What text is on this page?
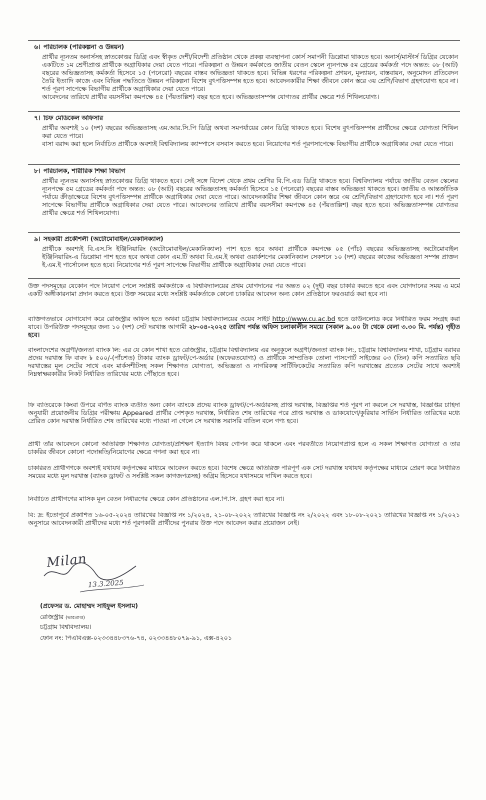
৬। পরিচালক (পরিকল্পনা ও উন্নয়ন)

প্রার্থীর ন্যূনতম অনার্সসহ স্নাতকোত্তর ডিগ্রি এবং স্বীকৃত দেশী/বিদেশী প্রতিষ্ঠান থেকে প্রকল্প ব্যবস্থাপনা কোর্স সমাপনী ডিপ্লোমা থাকতে হবে। অনার্স/মাস্টার্স ডিগ্রির যেকোন একটিতে ১ম শ্রেণীপ্রাপ্ত প্রার্থীকে অগ্রাধিকার দেয়া যেতে পারে। পরিকল্পনা ও উন্নয়ন কর্মকাণ্ডে জাতীয় বেতন স্কেলে ন্যূনপক্ষে ৫ম গ্রেডের কর্মকর্তা পদে অন্তত: ০৮ (আট) বছরের অভিজ্ঞতাসহ কর্মকর্তা হিসেবে ১৫ (পনেরো) বছরের বাস্তব অভিজ্ঞতা থাকতে হবে। বিভিন্ন ধরণের পরিকল্পনা প্রণয়ন, মূল্যায়ন, বাস্তবায়ন, অনুমোদন প্রতিবেদন তৈরি ইত্যাদি কাজে এবং বিভিন্ন পদ্ধতিতে উন্নয়ন পরিকল্পনা বিশেষ বুৎপত্তিসম্পন্ন হতে হবে। আবেদনকারীর শিক্ষা জীবনে কোন স্তরে ৩য় শ্রেণি/বিভাগ গ্রহণযোগ্য হবে না। শর্ত পূরণ সাপেক্ষে বিভাগীয় প্রার্থীকে অগ্রাধিকার দেয়া যেতে পারে।

আবেদনের তারিখে প্রার্থীর বয়সসীমা কমপক্ষে ৪৫ (পঁয়তাল্লিশ) বছর হতে হবে। অভিজ্ঞতাসম্পন্ন যোগ্যতর প্রার্থীর ক্ষেত্রে শর্ত শিথিলযোগ্য।

৭। চিফ মেডিকেল অফিসার

প্রার্থীর অবশ্যই ১০ (দশ) বছরের অভিজ্ঞতাসহ এম.আর.সি.পি ডিগ্রি অথবা সমপর্যায়ের কোন ডিগ্রি থাকতে হবে। বিশেষ বুৎপত্তিসম্পন্ন প্রার্থীদের ক্ষেত্রে যোগ্যতা শিথিল করা যেতে পারে।

বাসা বরাদ্দ করা হলে নির্বাচিত প্রার্থীকে অবশ্যই বিশ্ববিদ্যালয় ক্যাম্পাসে বসবাস করতে হবে। নিয়োগের শর্ত পূরণসাপেক্ষে বিভাগীয় প্রার্থীকে অগ্রাধিকার দেয়া যেতে পারে।

৮। পরিচালক, শারীরিক শিক্ষা বিভাগ

প্রার্থীর ন্যূনতম অনার্সসহ স্নাতকোত্তর ডিগ্রি থাকতে হবে। সেই সঙ্গে বিদেশ থেকে প্রথম শ্রেণির বি.পি.এড ডিগ্রি থাকতে হবে। বিশ্ববিদ্যালয় পর্যায়ে জাতীয় বেতন স্কেলের ন্যূনপক্ষে ৫ম গ্রেডের কর্মকর্তা পদে অন্তত: ০৮ (আট) বছরের অভিজ্ঞতাসহ কর্মকর্তা হিসেবে ১৫ (পনেরো) বছরের বাস্তব অভিজ্ঞতা থাকতে হবে। জাতীয় ও আন্তর্জাতিক পর্যায়ে ক্রীড়াক্ষেত্রে বিশেষ বুৎপত্তিসম্পন্ন প্রার্থীকে অগ্রাধিকার দেয়া যেতে পারে। আবেদনকারীর শিক্ষা জীবনে কোন স্তরে ৩য় শ্রেণি/বিভাগ গ্রহণযোগ্য হবে না। শর্ত পূরণ সাপেক্ষে বিভাগীয় প্রার্থীকে অগ্রাধিকার দেয়া যেতে পারে। আবেদনের তারিখে প্রার্থীর বয়সসীমা কমপক্ষে ৪৫ (পঁয়তাল্লিশ) বছর হতে হবে। অভিজ্ঞতাসম্পন্ন যোগ্যতর প্রার্থীর ক্ষেত্রে শর্ত শিথিলযোগ্য।

৯। সহকারী প্রকৌশলী (অটোমোবাইল/মেকানিক্যাল)

প্রার্থীকে অবশ্যই বি.এস.সি ইঞ্জিনিয়ারিং (অটোমোবাইল/মেকানিক্যাল) পাশ হতে হবে অথবা প্রার্থীকে কমপক্ষে ০৫ (পাঁচ) বছরের অভিজ্ঞতাসহ অটোমোবাইল ইঞ্জিনিয়ারিং-এ ডিপ্লোমা পাশ হতে হবে অথবা কোন এম.টি অথবা বি.এম.ই অথবা ওয়ার্কশপের মেকানিক্যাল সেকশনে ১০ (দশ) বছরের কাজের অভিজ্ঞতা সম্পন্ন প্রাক্তন ই.এম.ই পার্সোনেল হতে হবে। নিয়োগের শর্ত পূরণ সাপেক্ষে বিভাগীয় প্রার্থীকে অগ্রাধিকার দেয়া যেতে পারে।

উক্ত পদসমূহের যেকোন পদে নিয়োগ পেলে সংশ্লিষ্ট কর্মকর্তাকে এ বিশ্ববিদ্যালয়ের প্রথম যোগদানের পর অন্তত ০২ (দুই) বছর চাকরি করতে হবে এবং যোগদানের সময় এ মর্মে একটি অঙ্গীকারনামা প্রদান করতে হবে। উক্ত সময়ের মধ্যে সংশ্লিষ্ট কর্মকর্তাকে কোনো চাকরির আবেদন অন্য কোন প্রতিষ্ঠানে ফরওয়ার্ড করা হবে না।

ব্যক্তিগতভাবে যোগাযোগ করে রেজিস্ট্রার অফিস হতে অথবা চট্টগ্রাম বিশ্ববিদ্যালয়ের ওয়েব সাইট http://www.cu.ac.bd হতে ডাউনলোড করে নির্ধারিত ফরম সংগ্রহ করা যাবে। উপরিউক্ত পদসমূহের জন্য ১০ (দশ) সেট দরখাস্ত আগামী ২৮-০৪-২০২৫ তারিখ পর্যন্ত অফিস চলাকালীন সময়ে (সকাল ৯.০০ টা থেকে বেলা ৩.৩০ মি. পর্যন্ত) গৃহীত হবে।

বাংলাদেশের অগ্রণী/জনতা ব্যাংক লি: এর যে কোন শাখা হতে রেজিস্ট্রার, চট্টগ্রাম বিশ্ববিদ্যালয় এর অনুকূলে অগ্রণী/জনতা ব্যাংক লি:, চট্টগ্রাম বিশ্ববিদ্যালয় শাখা, চট্টগ্রাম বরাবর প্রদেয় দরখাস্ত ফি বাবদ ৳ ৫০০/-(পাঁচশত) টাকার ব্যাংক ড্রাফট/পে-অর্ডার (অফেরতযোগ্য) ও প্রার্থীকে সাম্প্রতিক তোলা পাসপোর্ট সাইজের ০৩ (তিন) কপি সত্যায়িত ছবি দরখাস্তের মূল সেটের সাথে এবং মার্কসশীটসহ সকল শিক্ষাগত যোগ্যতা, অভিজ্ঞতা ও নাগরিকত্ব সার্টিফিকেটের সত্যায়িত কপি দরখাস্তের প্রত্যেক সেটের সাথে অবশ্যই নিম্নস্বাক্ষরকারীর নিকট নির্ধারিত তারিখের মধ্যে পৌঁছাতে হবে।

ফি ব্যতিরেকে কিংবা উপরে বর্ণিত ব্যাংক ব্যতীত অন্য কোন ব্যাংকে প্রদেয় ব্যাংক ড্রাফট/পে-অর্ডারসহ প্রাপ্ত দরখাস্ত, বিজ্ঞপ্তির শর্ত পূরণ না করলে সে দরখাস্ত, বিজ্ঞপ্তির চাহিদা অনুযায়ী প্রয়োজনীয় ডিগ্রির পরীক্ষায় Appeared প্রার্থীর পেশকৃত দরখাস্ত, নির্ধারিত শেষ তারিখের পরে প্রাপ্ত দরখাস্ত ও ডাকযোগে/কুরিয়ার সার্ভিস নির্ধারিত তারিখের মধ্যে প্রেরিত কোন দরখাস্ত নির্ধারিত শেষ তারিখের মধ্যে পাওয়া না গেলে সে দরখাস্ত সরাসরি বাতিল বলে গণ্য হবে।

প্রার্থী তাঁর আবেদনে কোনো অতিরিক্ত শিক্ষাগত যোগ্যতা/প্রশিক্ষণ ইত্যাদি বিষয় গোপন করে থাকলে এবং পরবর্তীতে নিয়োগপ্রাপ্ত হলে এ সকল শিক্ষাগত যোগ্যতা ও তার চাকরির জীবনে কোনো পদোন্নতি/নিয়োগের ক্ষেত্রে গণনা করা হবে না।

চাকরিরত প্রার্থীগণকে অবশ্যই যথাযথ কর্তৃপক্ষের মাধ্যমে আবেদন করতে হবে। বিশেষ ক্ষেত্রে অতিরিক্ত পরিপূর্ণ এক সেট দরখাস্ত যথাযথ কর্তৃপক্ষের মাধ্যমে প্রেরণ করে নির্ধারিত সময়ের মধ্যে মূল দরখাস্ত (ব্যাংক ড্রাফট ও সংশ্লিষ্ট সকল কাগজপত্রসহ) অগ্রিম হিসেবে যথাসময়ে দাখিল করতে হবে।

নির্বাচিত প্রার্থীগণের মাসিক মূল বেতন নির্ধারণের ক্ষেত্রে কোন প্রতিষ্ঠানের এল.পি.সি. গ্রহণ করা হবে না।

বি: দ্র: ইতোপূর্বে প্রকাশিত ১৬-০৫-২০২৪ তারিখের বিজ্ঞপ্তি নং ১/২০২৪, ২১-০৮-২০২২ তারিখের বিজ্ঞপ্তি নং ২/২০২২ এবং ১৮-০৮-২০২১ তারিখের বিজ্ঞপ্তি নং ১/২০২১ অনুসারে আবেদনকারী প্রার্থীদের মধ্যে শর্ত পূরণকারী প্রার্থীদের পুনরায় উক্ত পদে আবেদন করার প্রয়োজন নেই।

Milan
13.3.2025
(প্রফেসর ড. মোহাম্মদ সাইফুল ইসলাম)
রেজিস্ট্রার (ভারপ্রাপ্ত)
চট্টগ্রাম বিশ্ববিদ্যালয়।
ফোন নং: পিএবিএক্স-০২৩৩৪৪৮৩৭৬-৭৪, ০২৩৩৪৪৮০৭৯-৯১, এক্স-৪২০১
